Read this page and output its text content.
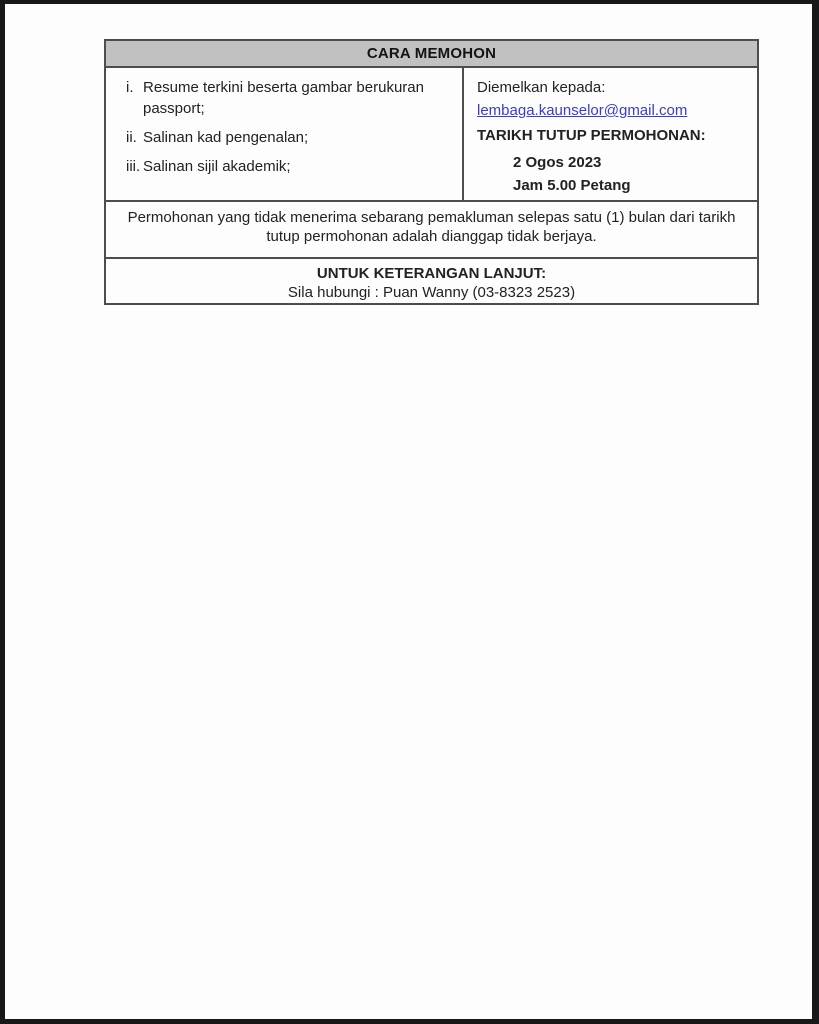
CARA MEMOHON
i. Resume terkini beserta gambar berukuran passport;
ii. Salinan kad pengenalan;
iii. Salinan sijil akademik;
Diemelkan kepada:
lembaga.kaunselor@gmail.com
TARIKH TUTUP PERMOHONAN:
2 Ogos 2023
Jam 5.00 Petang

Permohonan yang tidak menerima sebarang pemakluman selepas satu (1) bulan dari tarikh tutup permohonan adalah dianggap tidak berjaya.

UNTUK KETERANGAN LANJUT:
Sila hubungi : Puan Wanny (03-8323 2523)
